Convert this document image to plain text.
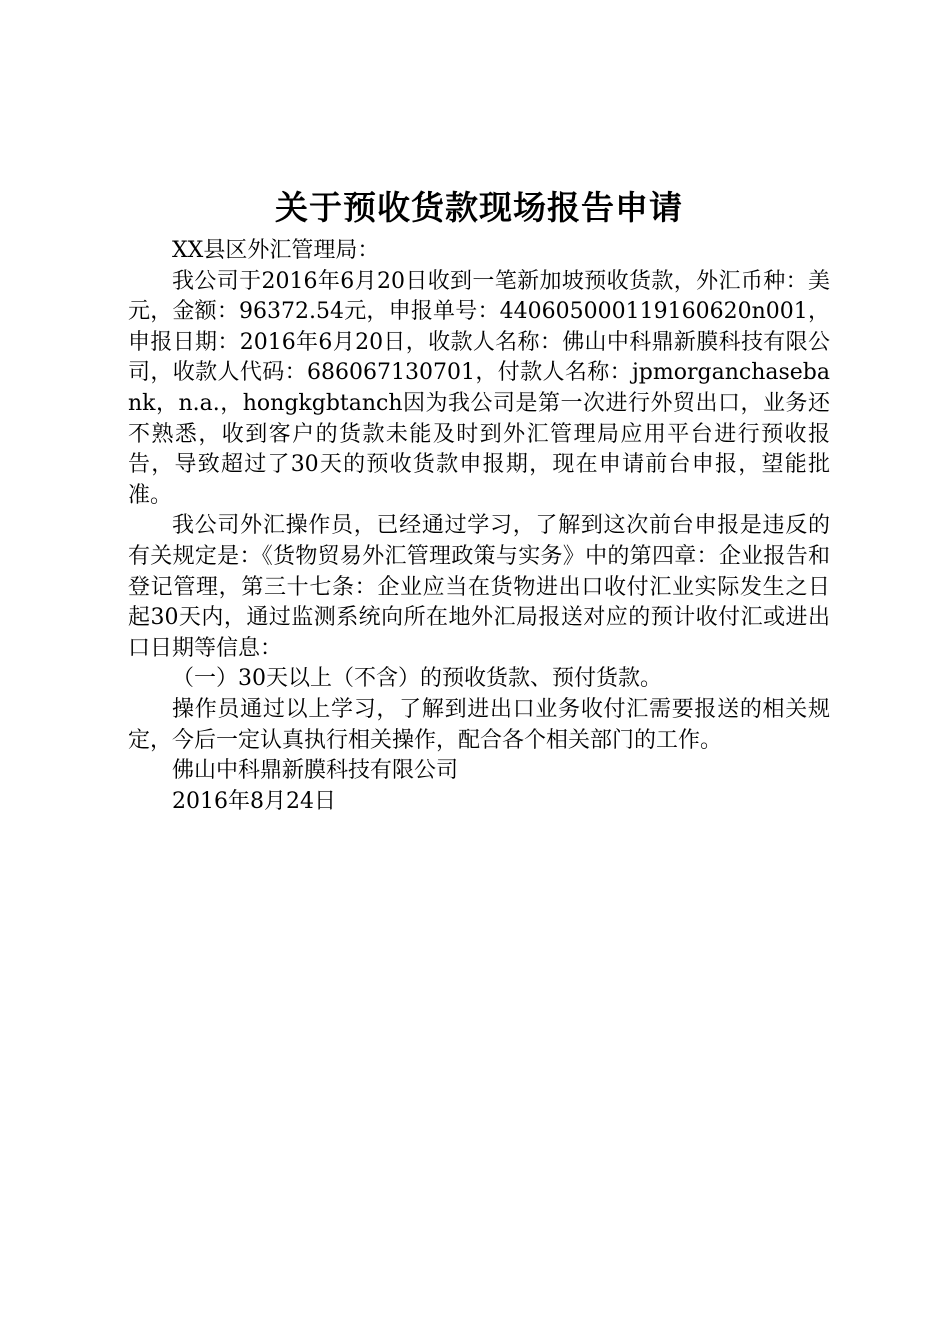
关于预收货款现场报告申请

XX县区外汇管理局：

我公司于2016年6月20日收到一笔新加坡预收货款，外汇币种：美元，金额：96372.54元，申报单号：440605000119160620n001，申报日期：2016年6月20日，收款人名称：佛山中科鼎新膜科技有限公司，收款人代码：686067130701，付款人名称：jpmorganchasebank，n.a.，hongkgbtanch因为我公司是第一次进行外贸出口，业务还不熟悉，收到客户的货款未能及时到外汇管理局应用平台进行预收报告，导致超过了30天的预收货款申报期，现在申请前台申报，望能批准。

我公司外汇操作员，已经通过学习，了解到这次前台申报是违反的有关规定是：《货物贸易外汇管理政策与实务》中的第四章：企业报告和登记管理，第三十七条：企业应当在货物进出口收付汇业实际发生之日起30天内，通过监测系统向所在地外汇局报送对应的预计收付汇或进出口日期等信息：

（一）30天以上（不含）的预收货款、预付货款。

操作员通过以上学习，了解到进出口业务收付汇需要报送的相关规定，今后一定认真执行相关操作，配合各个相关部门的工作。

佛山中科鼎新膜科技有限公司

2016年8月24日
